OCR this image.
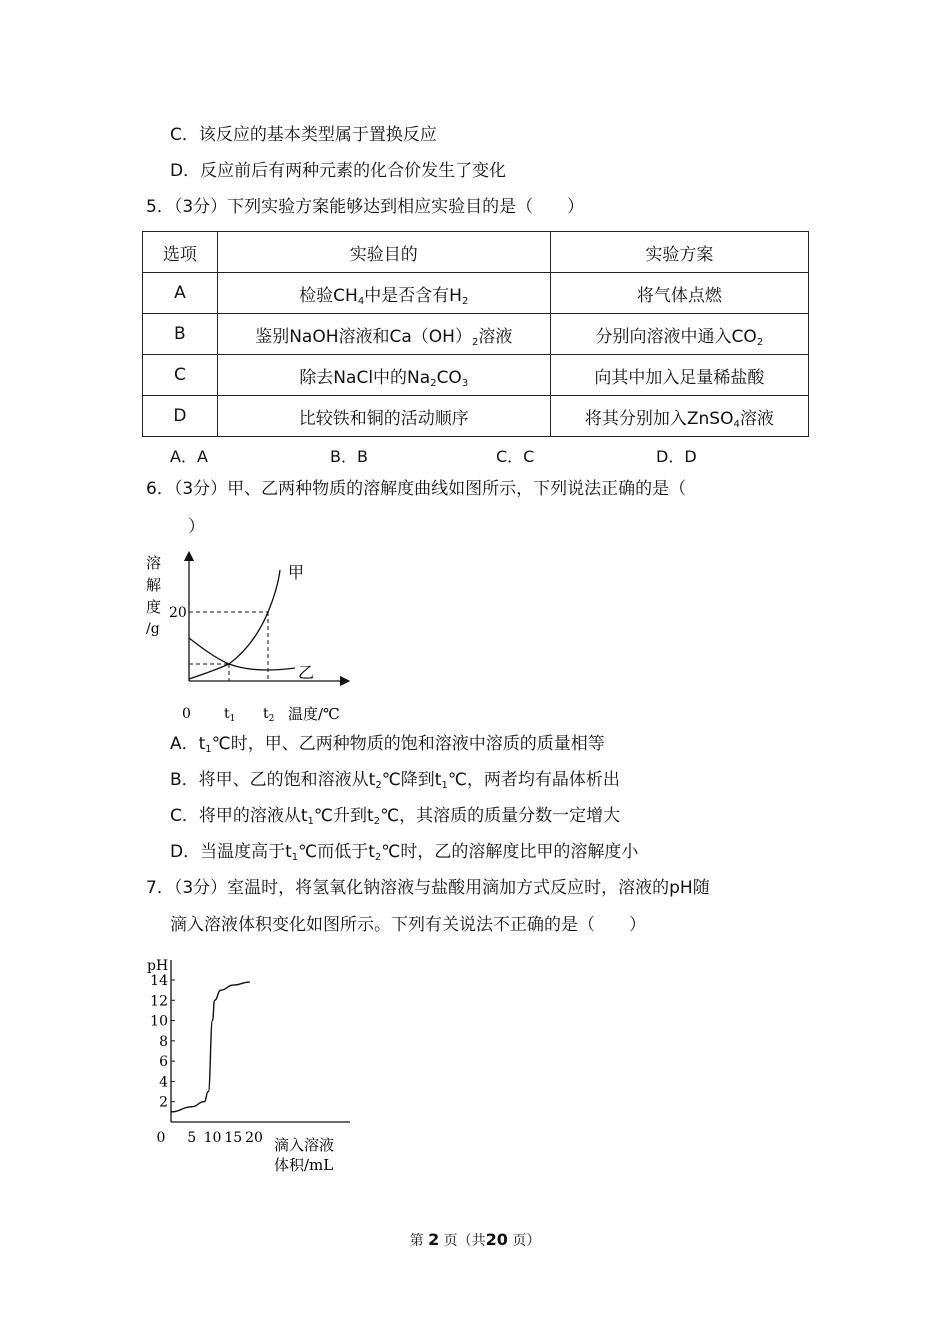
C．该反应的基本类型属于置换反应
D．反应前后有两种元素的化合价发生了变化
5．（3分）下列实验方案能够达到相应实验目的是（　　）
选项	实验目的	实验方案
A	检验$CH_4$中是否含有$H_2$	将气体点燃
B	鉴别NaOH溶液和$Ca(OH)_2$溶液	分别向溶液中通入$CO_2$
C	除去NaCl中的$Na_2CO_3$	向其中加入足量稀盐酸
D	比较铁和铜的活动顺序	将其分别加入ZnSO$_4$溶液
A．A	B．B	C．C	D．D
6．（3分）甲、乙两种物质的溶解度曲线如图所示，下列说法正确的是（
）
溶
解
度
/g
20
甲
乙
0 $t_1$ $t_2$ 温度/℃
A．$t_1℃$时，甲、乙两种物质的饱和溶液中溶质的质量相等
B．将甲、乙的饱和溶液从$t_2℃$降到$t_1℃$，两者均有晶体析出
C．将甲的溶液从$t_1℃$升到$t_2℃$，其溶质的质量分数一定增大
D．当温度高于$t_1℃$而低于$t_2℃$时，乙的溶解度比甲的溶解度小
7．（3分）室温时，将氢氧化钠溶液与盐酸用滴加方式反应时，溶液的pH随
滴入溶液体积变化如图所示。下列有关说法不正确的是（　　）
pH
2
4
6
8
10
12
14
0 5 10 15 20 滴入溶液
体积/mL
第 2 页（共20 页）
